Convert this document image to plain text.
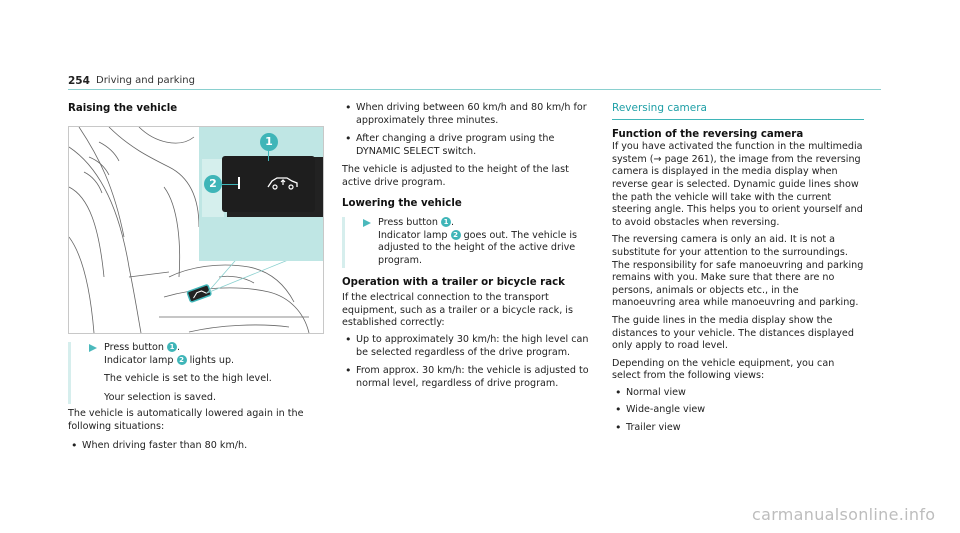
254 Driving and parking
Raising the vehicle
1
2
Press button 1 .
Indicator lamp 2 lights up.

The vehicle is set to the high level.

Your selection is saved.

The vehicle is automatically lowered again in the following situations:

• When driving faster than 80 km/h.
• When driving between 60 km/h and 80 km/h for approximately three minutes.
• After changing a drive program using the DYNAMIC SELECT switch.

The vehicle is adjusted to the height of the last active drive program.

Lowering the vehicle
Press button 1 .
Indicator lamp 2 goes out. The vehicle is adjusted to the height of the active drive program.
Operation with a trailer or bicycle rack

If the electrical connection to the transport equipment, such as a trailer or a bicycle rack, is established correctly:

• Up to approximately 30 km/h: the high level can be selected regardless of the drive program.
• From approx. 30 km/h: the vehicle is adjusted to normal level, regardless of drive program.
Reversing camera
Function of the reversing camera

If you have activated the function in the multimedia system (→ page 261), the image from the reversing camera is displayed in the media display when reverse gear is selected. Dynamic guide lines show the path the vehicle will take with the current steering angle. This helps you to orient yourself and to avoid obstacles when reversing.

The reversing camera is only an aid. It is not a substitute for your attention to the surroundings. The responsibility for safe manoeuvring and parking remains with you. Make sure that there are no persons, animals or objects etc., in the manoeuvring area while manoeuvring and parking.

The guide lines in the media display show the distances to your vehicle. The distances displayed only apply to road level.

Depending on the vehicle equipment, you can select from the following views:

• Normal view
• Wide-angle view
• Trailer view
carmanualsonline.info
